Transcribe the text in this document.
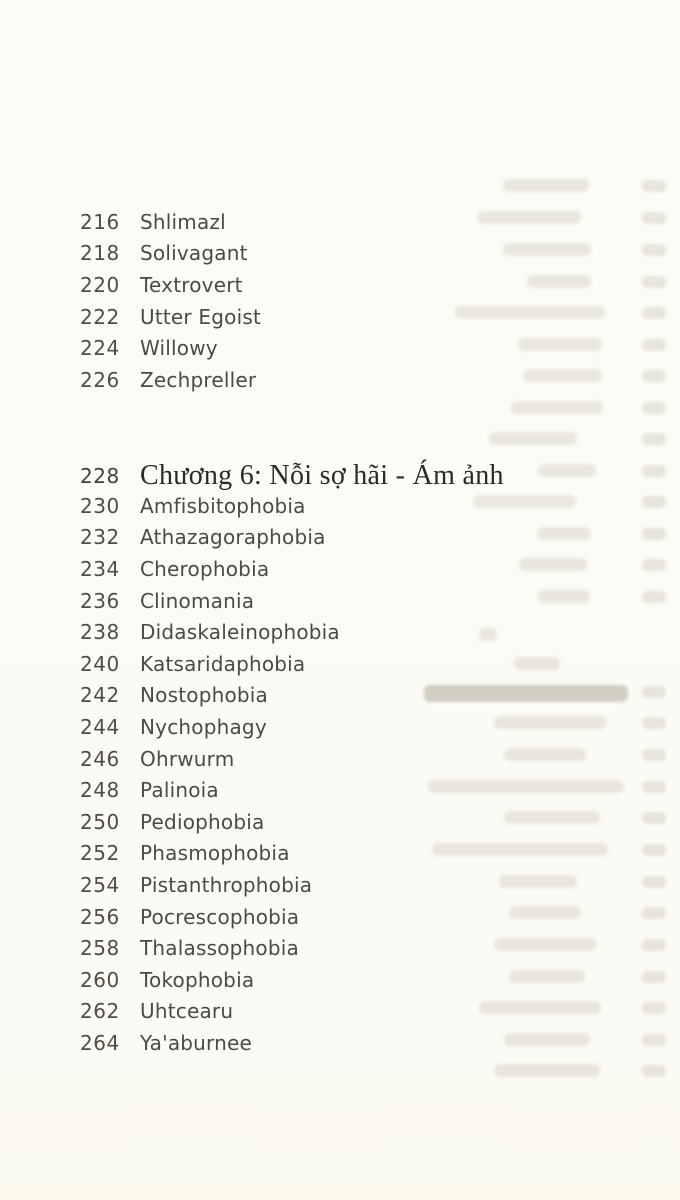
216	Shlimazl
218	Solivagant
220	Textrovert
222	Utter Egoist
224	Willowy
226	Zechpreller
228 Chương 6: Nỗi sợ hãi - Ám ảnh
230	Amfisbitophobia
232	Athazagoraphobia
234	Cherophobia
236	Clinomania
238	Didaskaleinophobia
240	Katsaridaphobia
242	Nostophobia
244	Nychophagy
246	Ohrwurm
248	Palinoia
250	Pediophobia
252	Phasmophobia
254	Pistanthrophobia
256	Pocrescophobia
258	Thalassophobia
260	Tokophobia
262	Uhtcearu
264	Ya'aburnee
